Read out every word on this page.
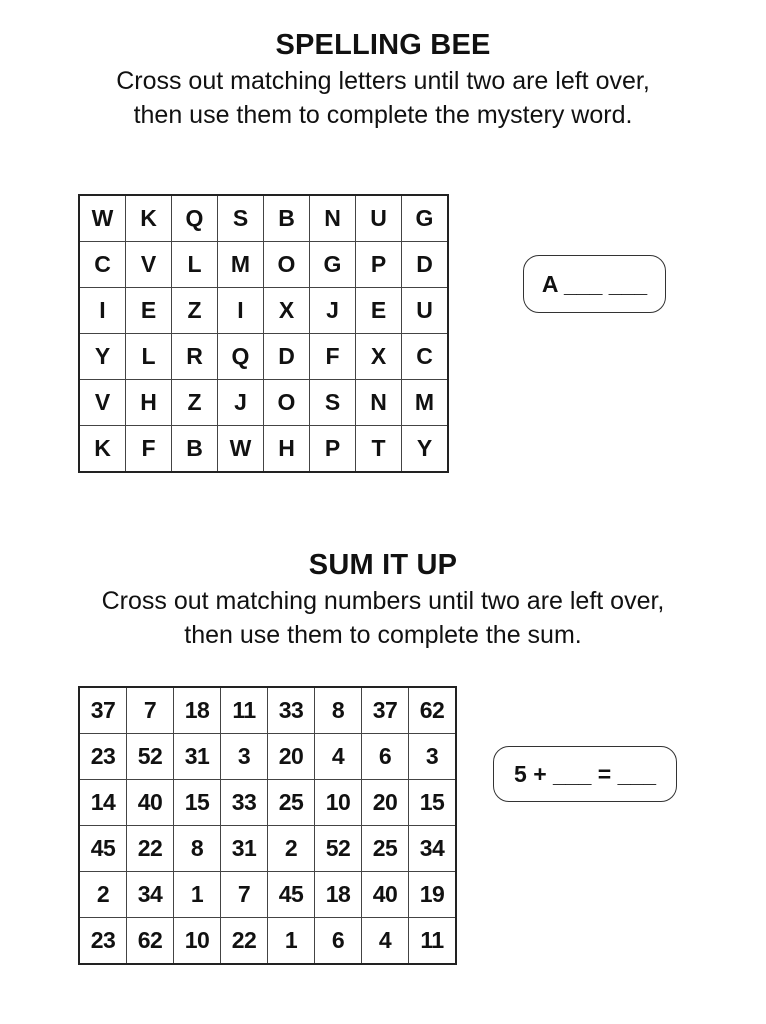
SPELLING BEE
Cross out matching letters until two are left over,
then use them to complete the mystery word.
W	K	Q	S	B	N	U	G
C	V	L	M	O	G	P	D
I	E	Z	I	X	J	E	U
Y	L	R	Q	D	F	X	C
V	H	Z	J	O	S	N	M
K	F	B	W	H	P	T	Y
A ___ ___
SUM IT UP
Cross out matching numbers until two are left over,
then use them to complete the sum.
37	7	18	11	33	8	37	62
23	52	31	3	20	4	6	3
14	40	15	33	25	10	20	15
45	22	8	31	2	52	25	34
2	34	1	7	45	18	40	19
23	62	10	22	1	6	4	11
5 + ___ = ___
